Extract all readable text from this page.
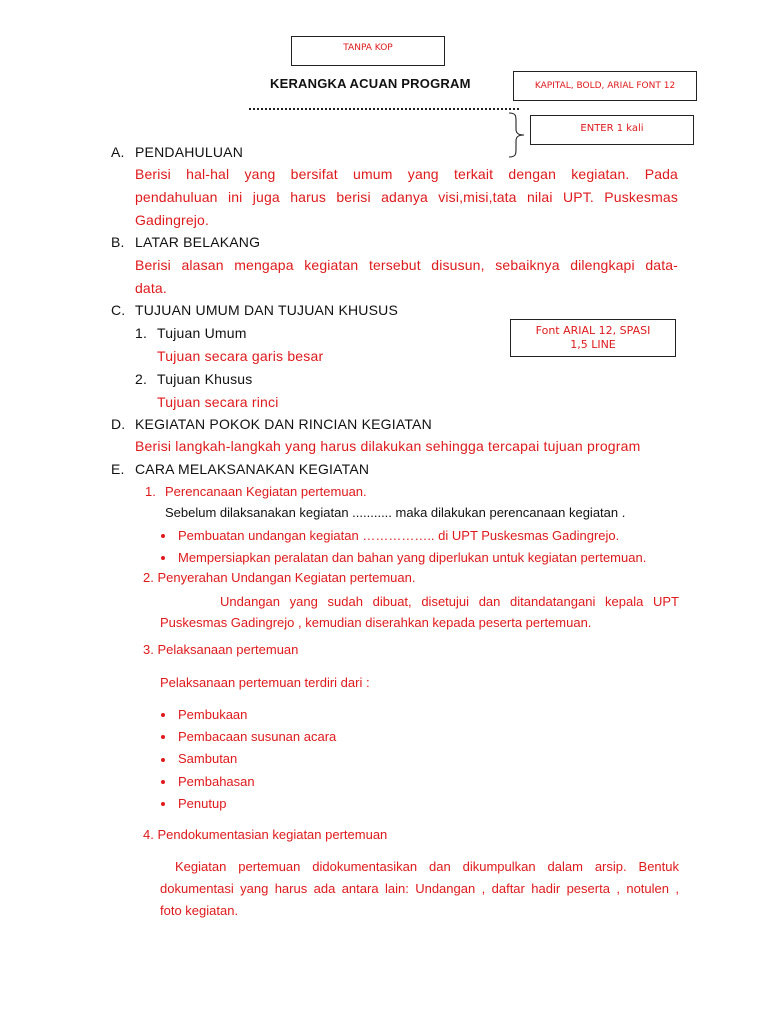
TANPA KOP
KAPITAL, BOLD, ARIAL FONT 12
ENTER 1 kali
Font ARIAL 12, SPASI
1,5 LINE
KERANGKA ACUAN PROGRAM
A. PENDAHULUAN
Berisi hal-hal yang bersifat umum yang terkait dengan kegiatan. Pada
pendahuluan ini juga harus berisi adanya visi,misi,tata nilai UPT. Puskesmas
Gadingrejo.
B. LATAR BELAKANG
Berisi alasan mengapa kegiatan tersebut disusun, sebaiknya dilengkapi data-
data.
C. TUJUAN UMUM DAN TUJUAN KHUSUS
1. Tujuan Umum
Tujuan secara garis besar
2. Tujuan Khusus
Tujuan secara rinci
D. KEGIATAN POKOK DAN RINCIAN KEGIATAN
Berisi langkah-langkah yang harus dilakukan sehingga tercapai tujuan program
E. CARA MELAKSANAKAN KEGIATAN
1. Perencanaan Kegiatan pertemuan.
Sebelum dilaksanakan kegiatan ........... maka dilakukan perencanaan kegiatan .
Pembuatan undangan kegiatan …………….. di UPT Puskesmas Gadingrejo.
Mempersiapkan peralatan dan bahan yang diperlukan untuk kegiatan pertemuan.
2. Penyerahan Undangan Kegiatan pertemuan.
Undangan yang sudah dibuat, disetujui dan ditandatangani kepala UPT
Puskesmas Gadingrejo , kemudian diserahkan kepada peserta pertemuan.
3. Pelaksanaan pertemuan
Pelaksanaan pertemuan terdiri dari :
Pembukaan
Pembacaan susunan acara
Sambutan
Pembahasan
Penutup
4. Pendokumentasian kegiatan pertemuan
Kegiatan pertemuan didokumentasikan dan dikumpulkan dalam arsip. Bentuk
dokumentasi yang harus ada antara lain: Undangan , daftar hadir peserta , notulen ,
foto kegiatan.
